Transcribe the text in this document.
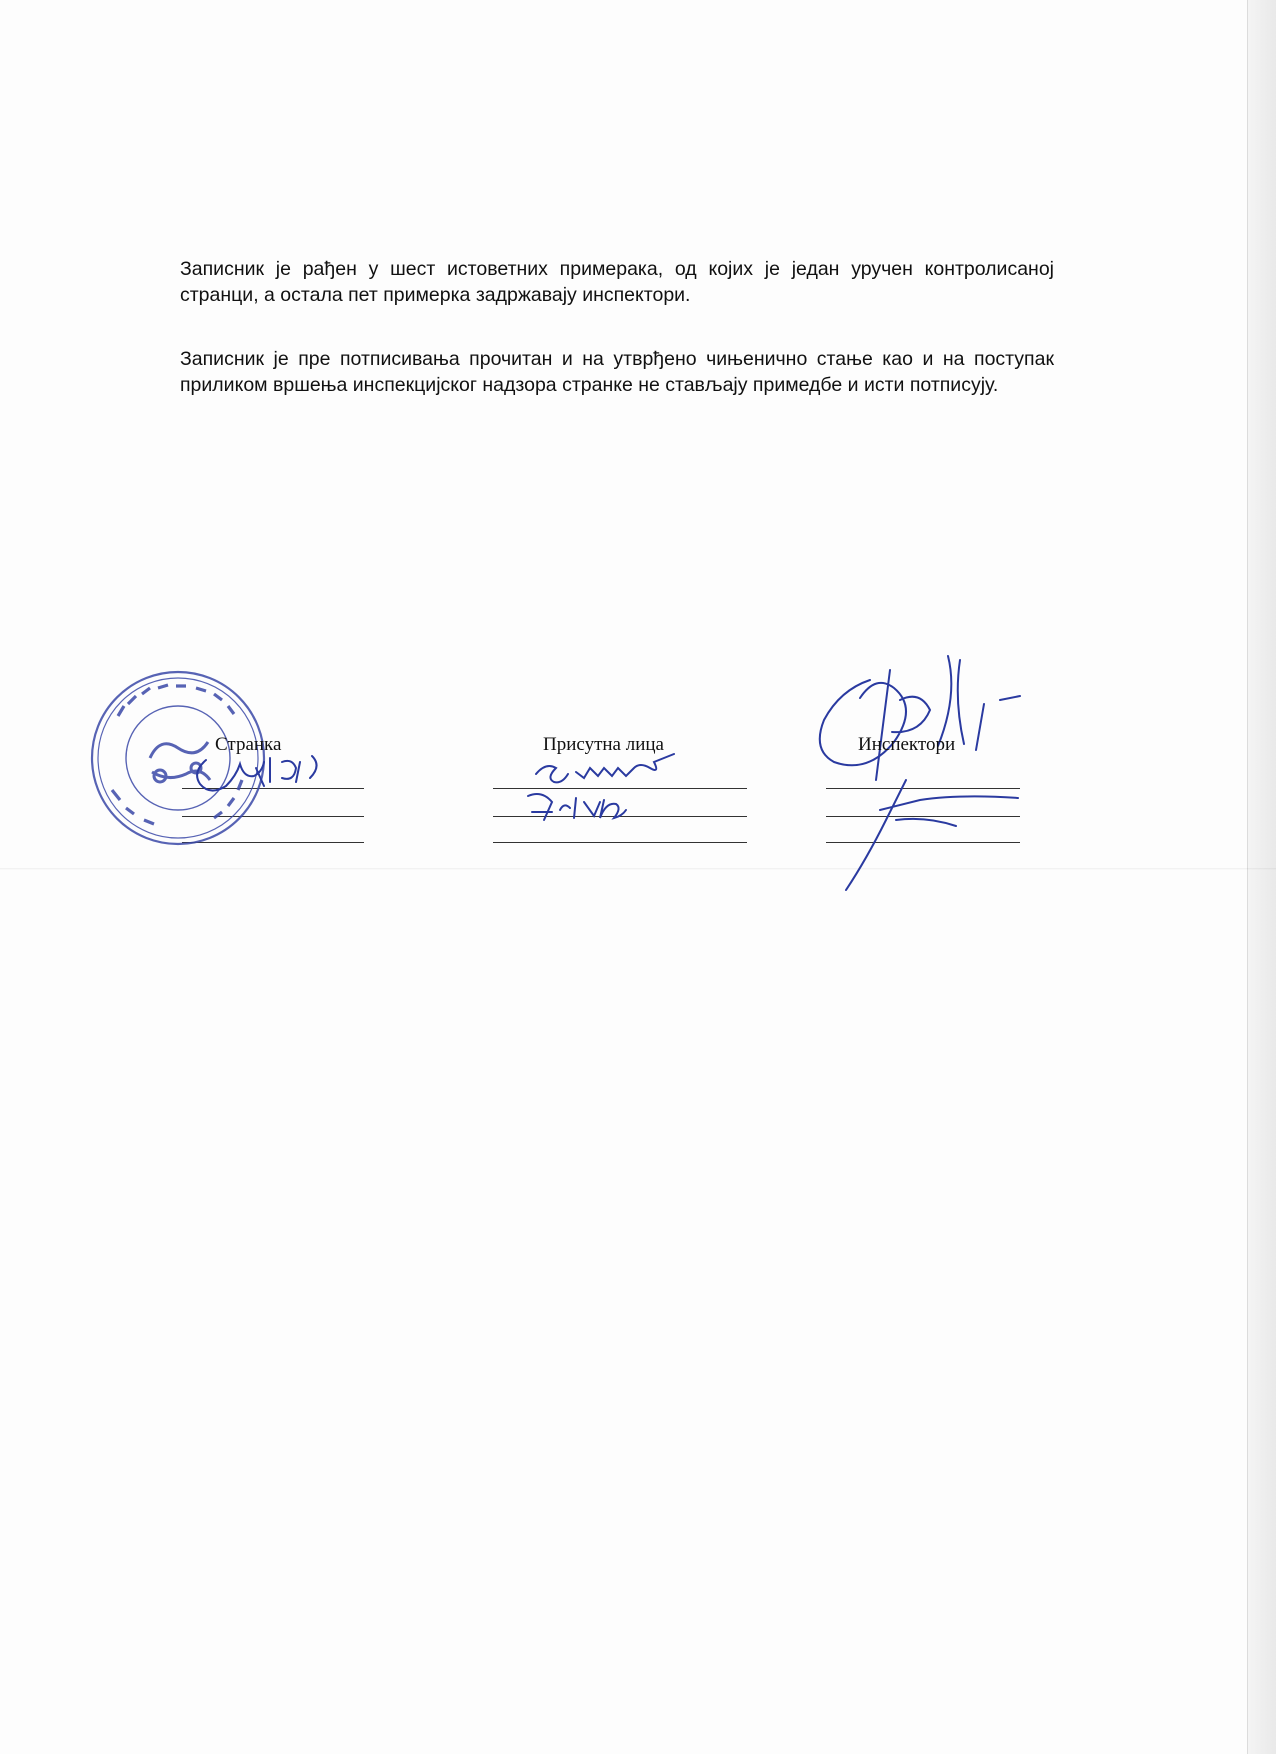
Записник је рађен у шест истоветних примерака, од којих је један уручен контролисаној странци, а остала пет примерка задржавају инспектори.

Записник је пре потписивања прочитан и на утврђено чињенично стање као и на поступак приликом вршења инспекцијског надзора странке не стављају примедбе и исти потписују.

Странка	Присутна лица	Инспектори
